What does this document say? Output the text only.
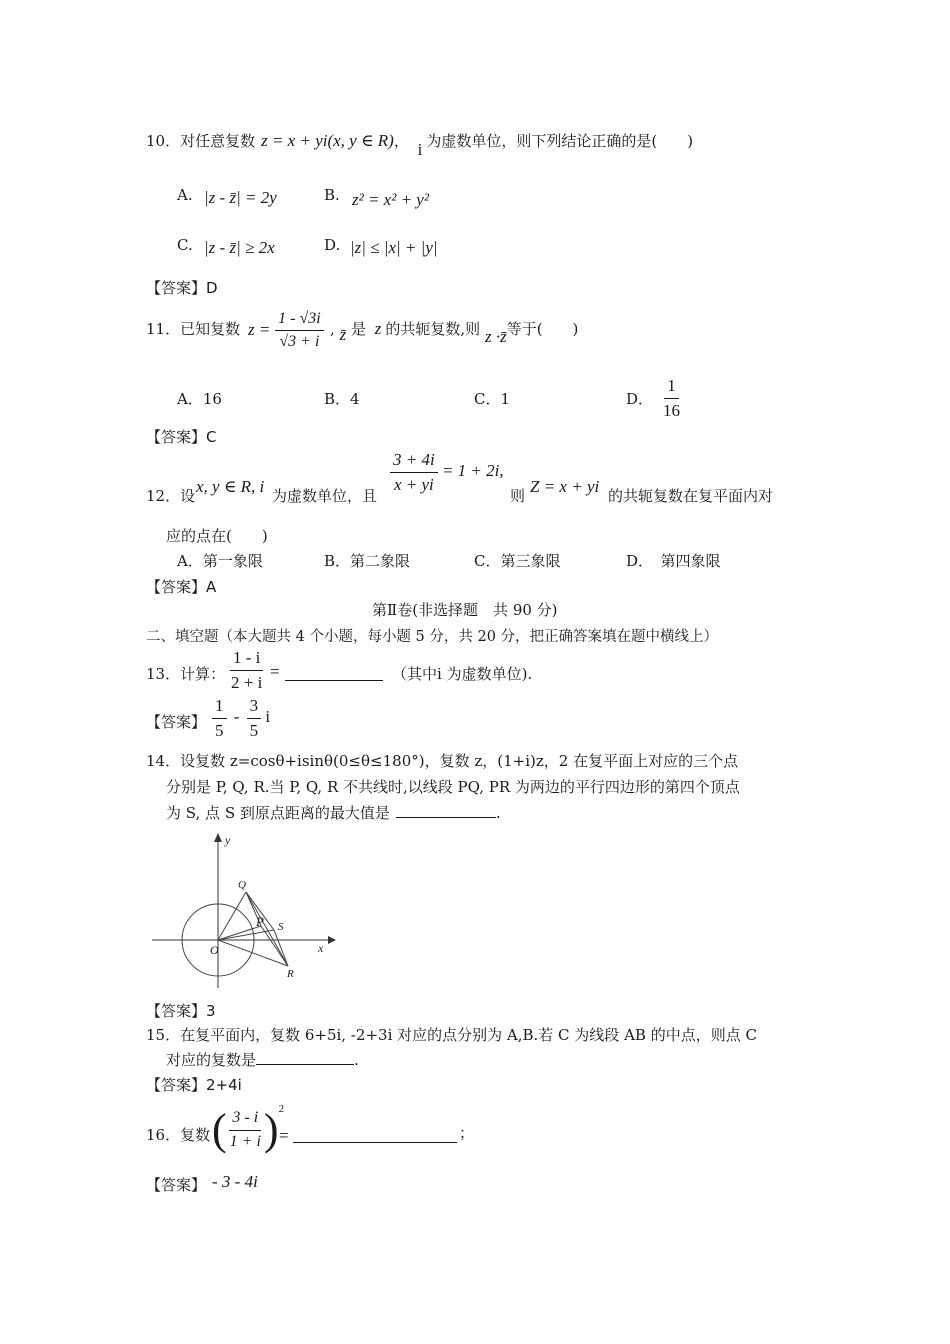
10．对任意复数 z = x + yi(x, y ∈ R)， i 为虚数单位，则下列结论正确的是(　　)
A. |z - z̄| = 2y	B. z² = x² + y²
C. |z - z̄| ≥ 2x	D. |z| ≤ |x| + |y|
【答案】D
11．已知复数 $z = \frac{1 - √3i}{√3 + i}$ , z̄ 是 z 的共轭复数,则 z ·z̄等于(　　)
A．16	B．4	C．1	D． $\frac{1}{16}$
【答案】C
12．设 x, y ∈ R, i 为虚数单位，且
$\frac{3 + 4i}{x + yi} = 1 + 2i$,
则 Z = x + yi 的共轭复数在复平面内对
应的点在(　　)
A．第一象限	B．第二象限	C．第三象限	D．　第四象限
【答案】A
第Ⅱ卷(非选择题　共 90 分)
二、填空题（本大题共 4 个小题，每小题 5 分，共 20 分，把正确答案填在题中横线上）
13．计算： $\frac{1 - i}{2 + i}$ =	（其中i 为虚数单位).
【答案】 $\frac{1}{5} - \frac{3}{5}$ i
14．设复数 z=cosθ+isinθ(0≤θ≤180°)，复数 z，(1+i)z，2 在复平面上对应的三个点
分别是 P, Q, R.当 P, Q, R 不共线时,以线段 PQ, PR 为两边的平行四边形的第四个顶点
为 S, 点 S 到原点距离的最大值是	.
y
x
O
Q
P S
R
【答案】3
15．在复平面内，复数 6+5i, -2+3i 对应的点分别为 A,B.若 C 为线段 AB 的中点，则点 C
对应的复数是	.
【答案】2+4i
16．复数 ( $\frac{3 - i}{1 + i} )^2$
=	；
【答案】 - 3 - 4i
